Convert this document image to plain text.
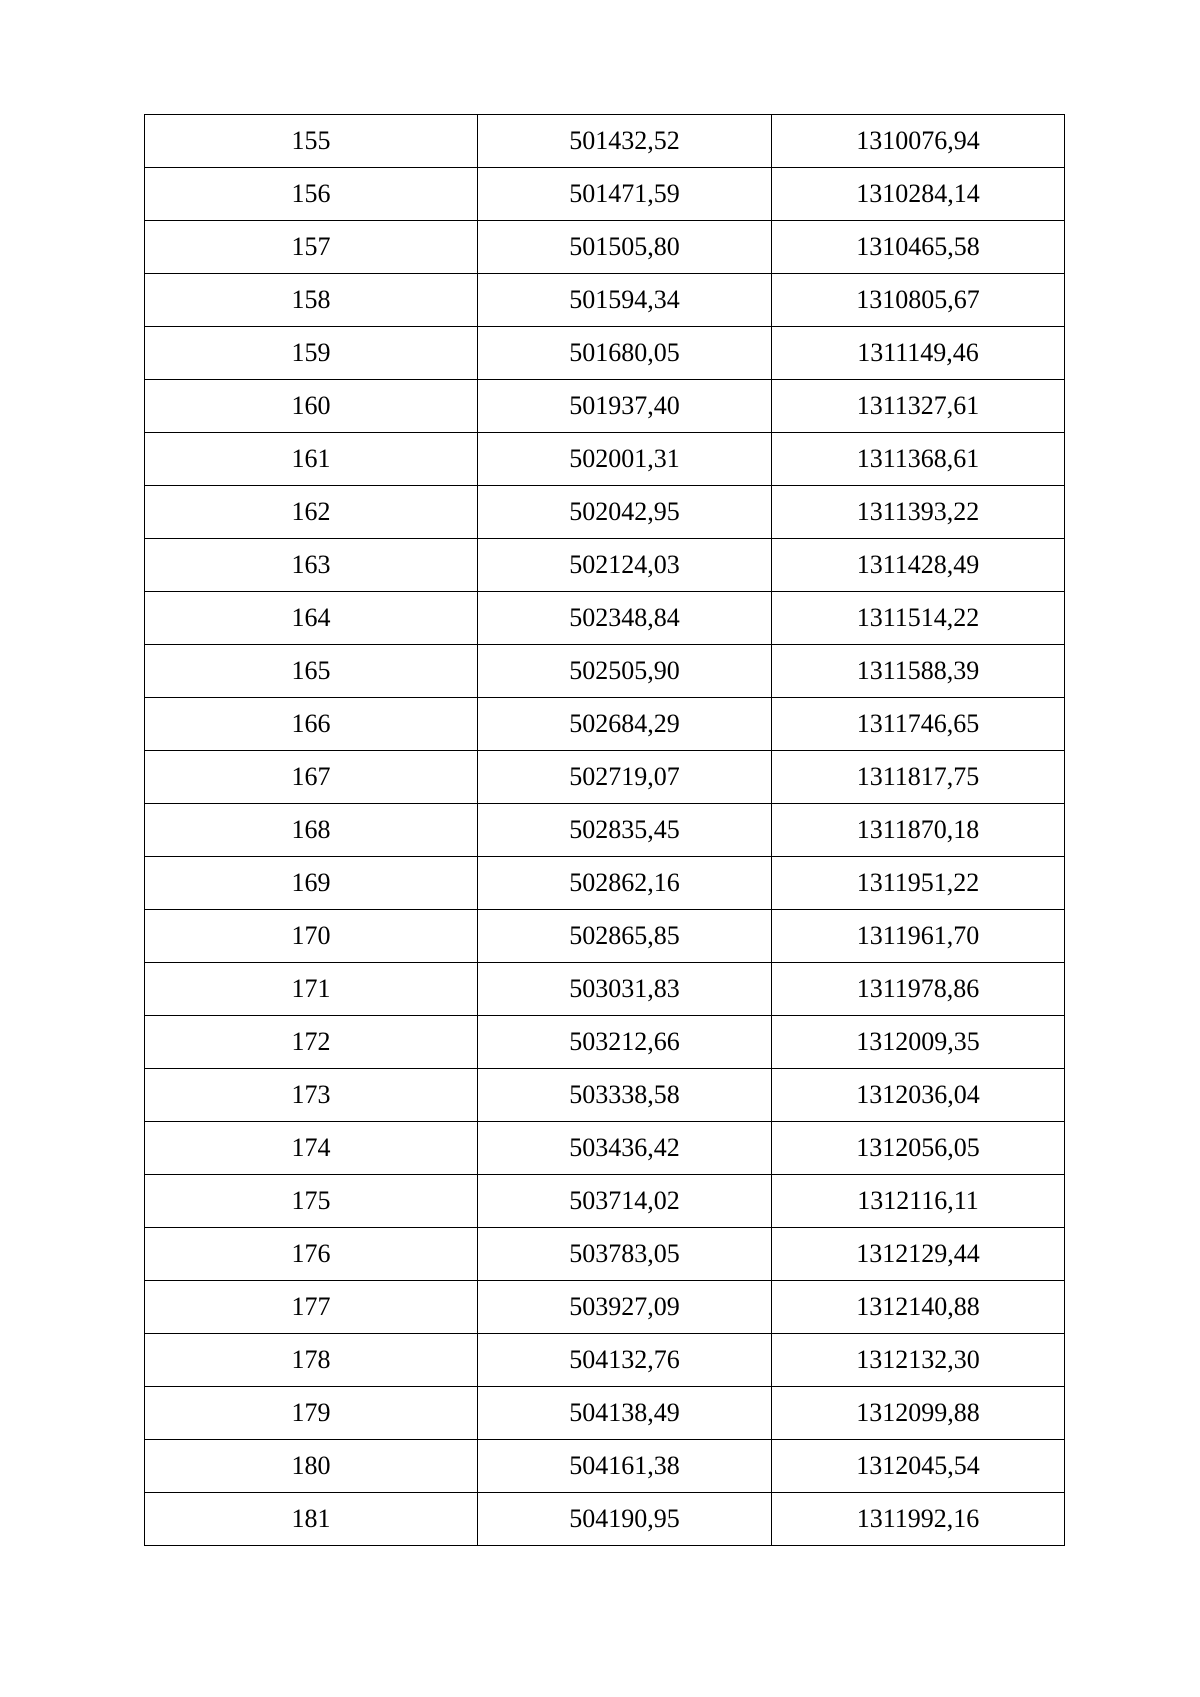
155	501432,52	1310076,94
156	501471,59	1310284,14
157	501505,80	1310465,58
158	501594,34	1310805,67
159	501680,05	1311149,46
160	501937,40	1311327,61
161	502001,31	1311368,61
162	502042,95	1311393,22
163	502124,03	1311428,49
164	502348,84	1311514,22
165	502505,90	1311588,39
166	502684,29	1311746,65
167	502719,07	1311817,75
168	502835,45	1311870,18
169	502862,16	1311951,22
170	502865,85	1311961,70
171	503031,83	1311978,86
172	503212,66	1312009,35
173	503338,58	1312036,04
174	503436,42	1312056,05
175	503714,02	1312116,11
176	503783,05	1312129,44
177	503927,09	1312140,88
178	504132,76	1312132,30
179	504138,49	1312099,88
180	504161,38	1312045,54
181	504190,95	1311992,16
